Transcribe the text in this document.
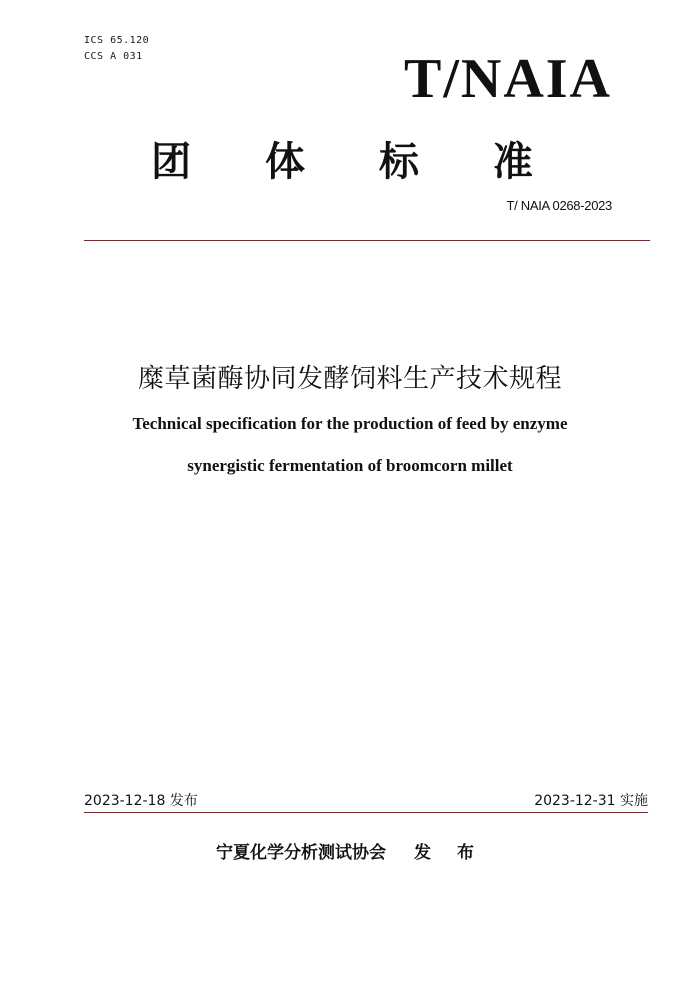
ICS 65.120
CCS A 031	T/NAIA
团 体 标 准
T/ NAIA 0268-2023
糜草菌酶协同发酵饲料生产技术规程
Technical specification for the production of feed by enzyme
synergistic fermentation of broomcorn millet
2023-12-18 发布	2023-12-31 实施
宁夏化学分析测试协会 发 布
